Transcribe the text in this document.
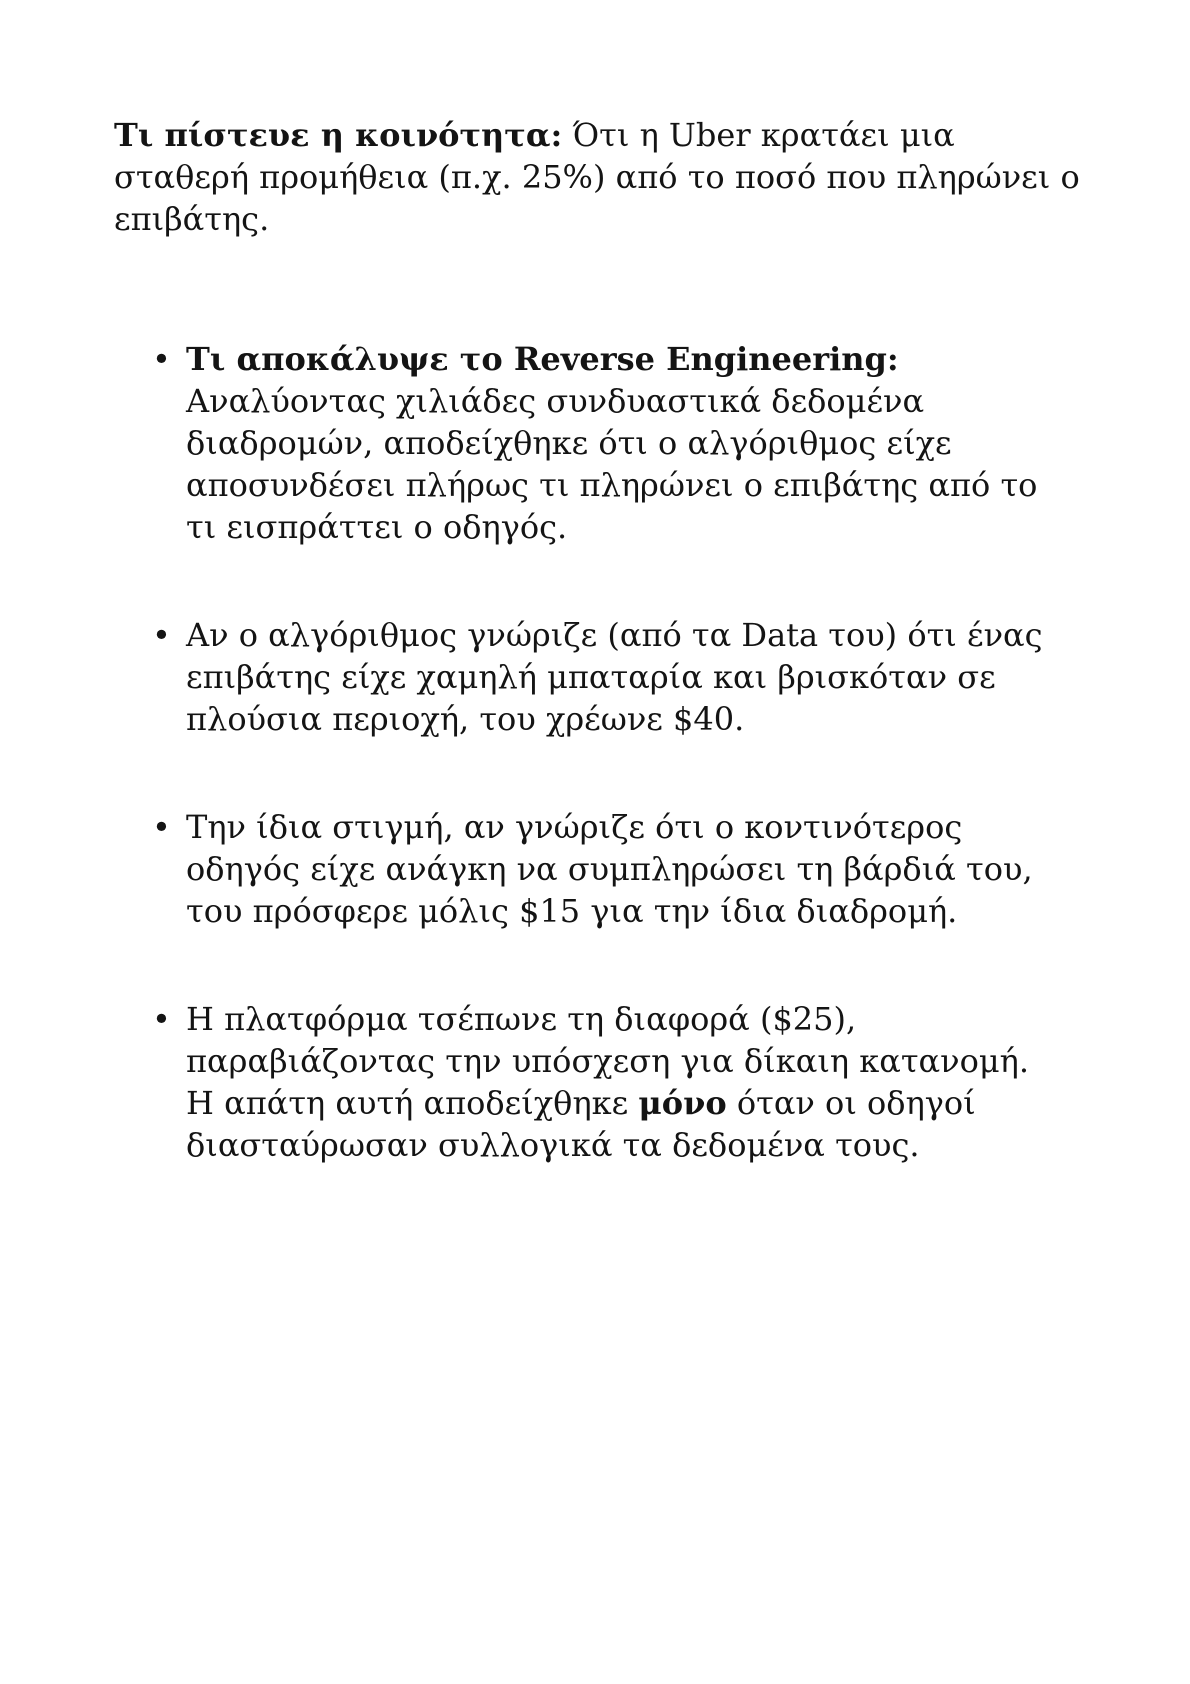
Τι πίστευε η κοινότητα: Ότι η Uber κρατάει μια σταθερή προμήθεια (π.χ. 25%) από το ποσό που πληρώνει ο επιβάτης.

• Τι αποκάλυψε το Reverse Engineering: Αναλύοντας χιλιάδες συνδυαστικά δεδομένα διαδρομών, αποδείχθηκε ότι ο αλγόριθμος είχε αποσυνδέσει πλήρως τι πληρώνει ο επιβάτης από το τι εισπράττει ο οδηγός.
• Αν ο αλγόριθμος γνώριζε (από τα Data του) ότι ένας επιβάτης είχε χαμηλή μπαταρία και βρισκόταν σε πλούσια περιοχή, του χρέωνε $40.
• Την ίδια στιγμή, αν γνώριζε ότι ο κοντινότερος οδηγός είχε ανάγκη να συμπληρώσει τη βάρδιά του, του πρόσφερε μόλις $15 για την ίδια διαδρομή.
• Η πλατφόρμα τσέπωνε τη διαφορά ($25), παραβιάζοντας την υπόσχεση για δίκαιη κατανομή. Η απάτη αυτή αποδείχθηκε μόνο όταν οι οδηγοί διασταύρωσαν συλλογικά τα δεδομένα τους.
